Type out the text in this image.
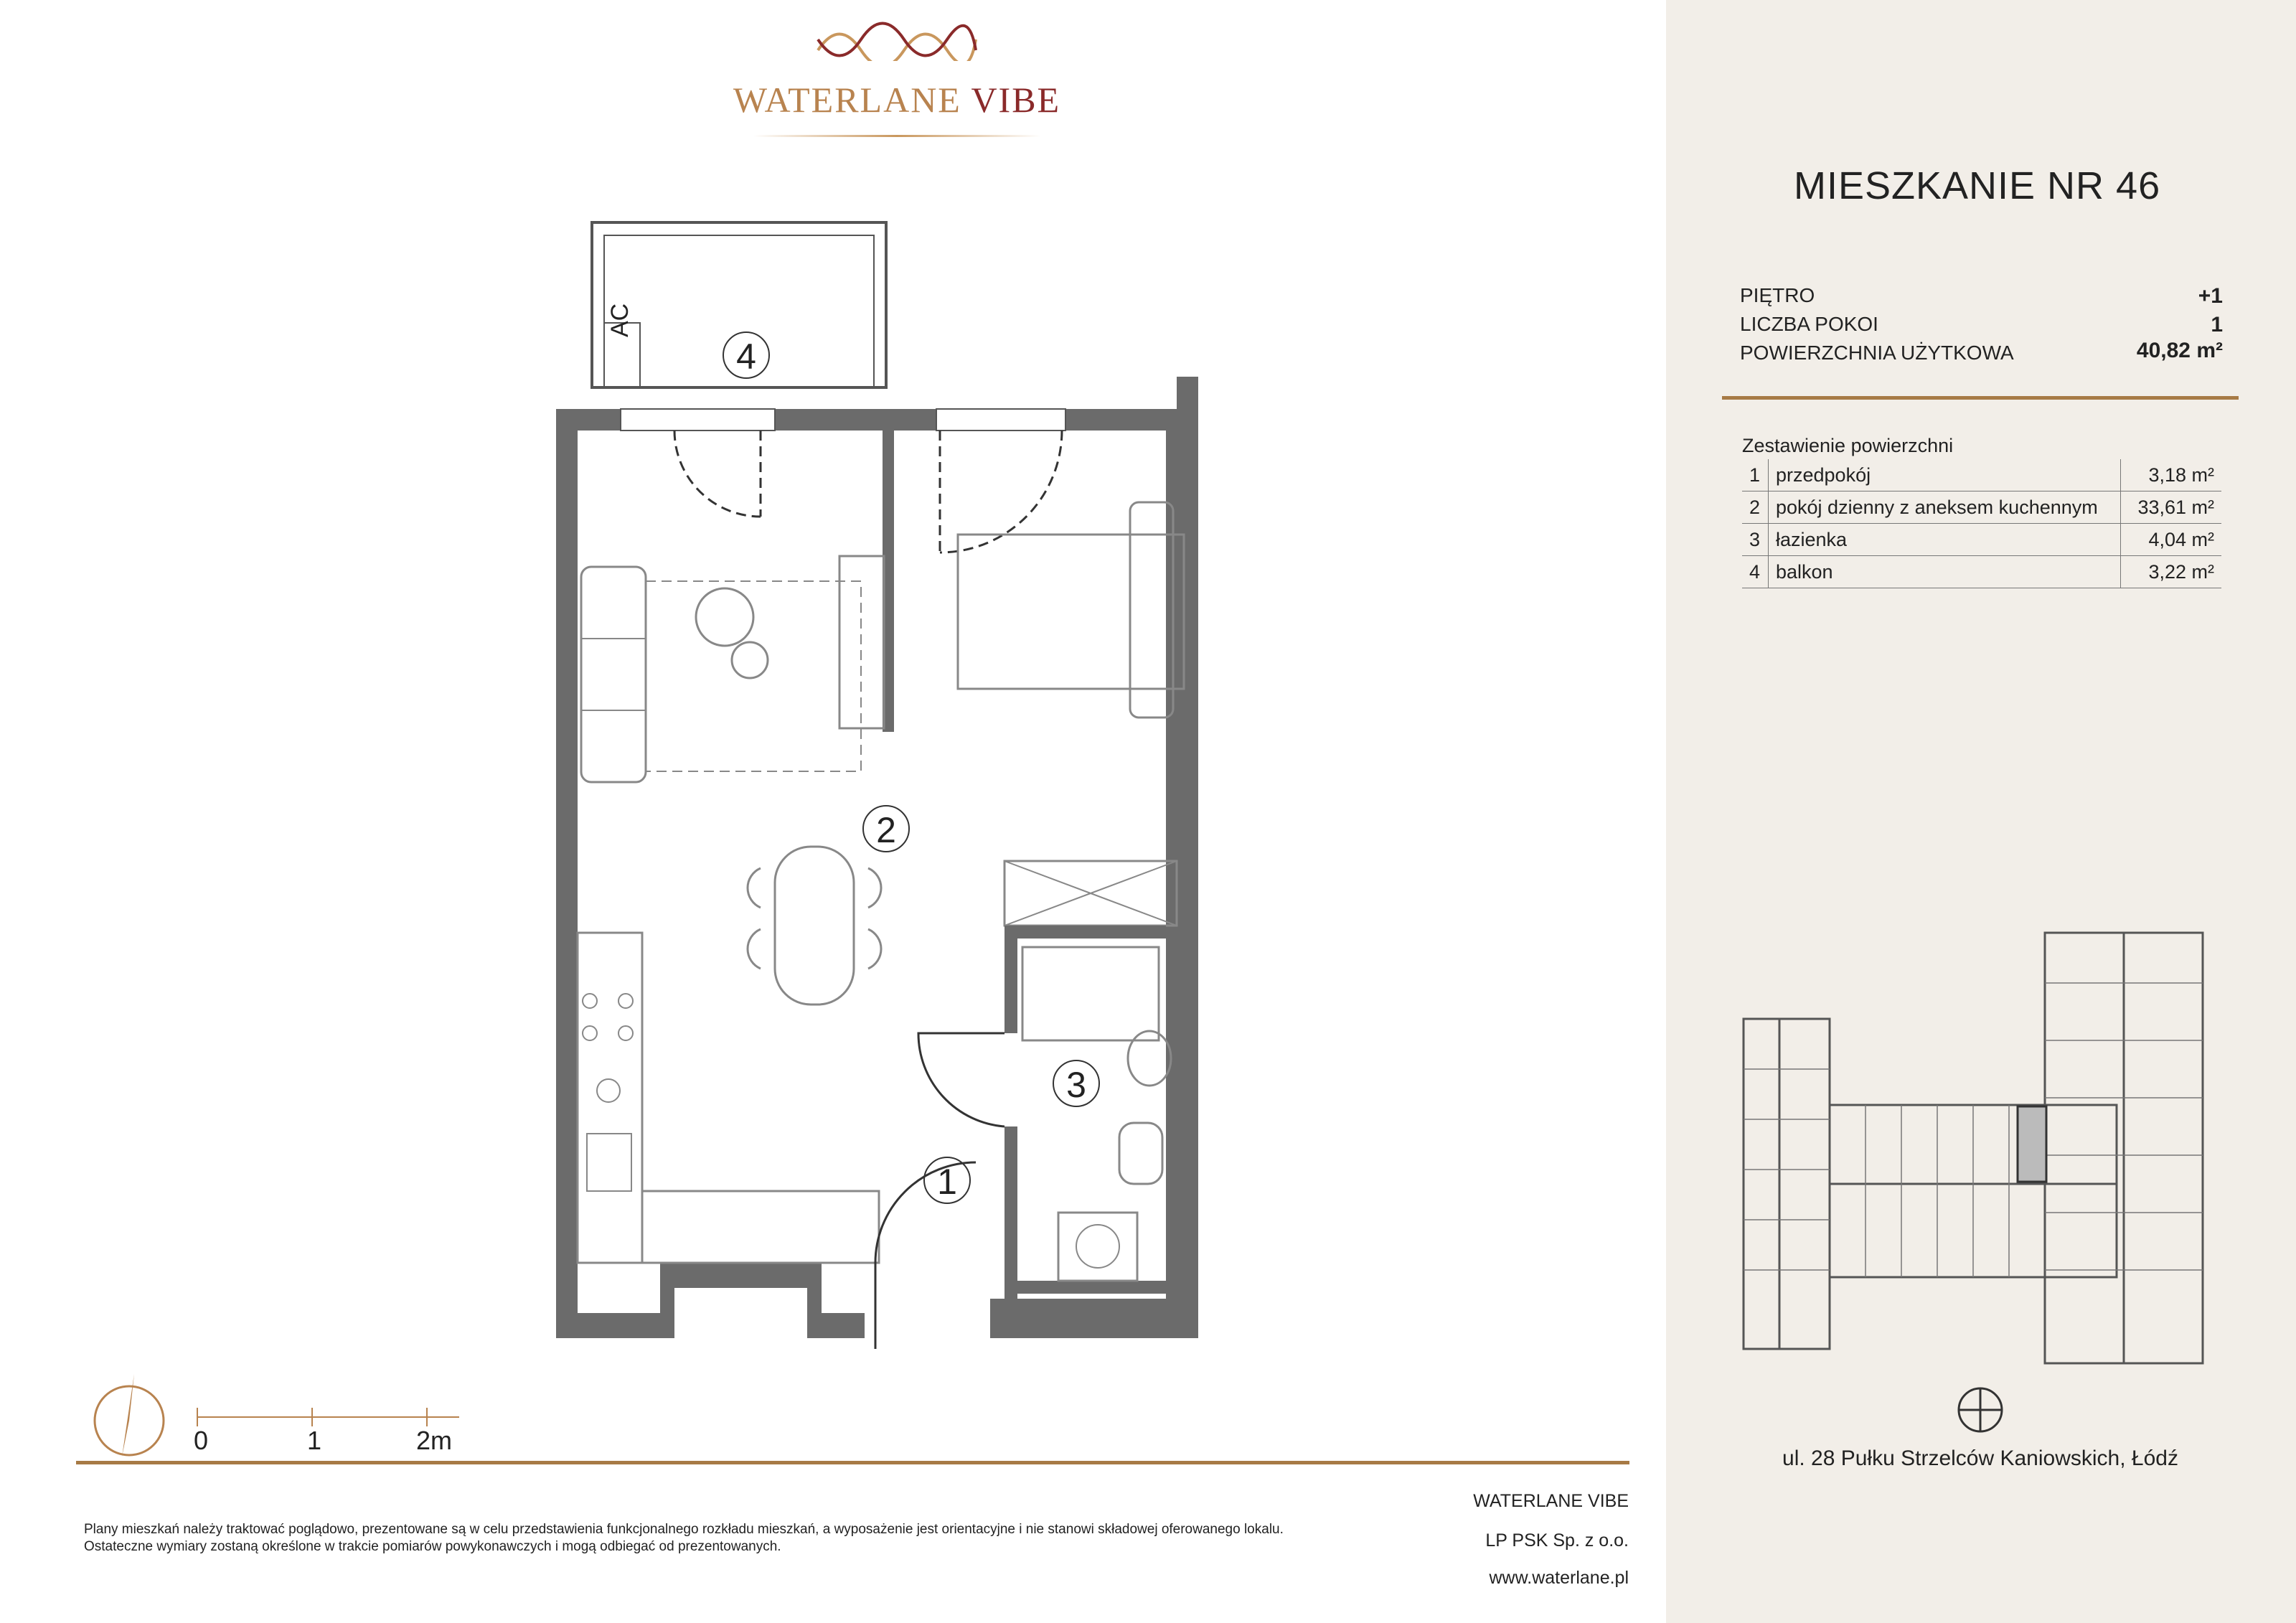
WATERLANE VIBE
4
2
3
1
AC
0	1	2m
Plany mieszkań należy traktować poglądowo, prezentowane są w celu przedstawienia funkcjonalnego rozkładu mieszkań, a wyposażenie jest orientacyjne i nie stanowi składowej oferowanego lokalu.
Ostateczne wymiary zostaną określone w trakcie pomiarów powykonawczych i mogą odbiegać od prezentowanych.
WATERLANE VIBE
LP PSK Sp. z o.o.
www.waterlane.pl
MIESZKANIE NR 46
PIĘTRO	+1
LICZBA POKOI	1
POWIERZCHNIA UŻYTKOWA	40,82 m²
Zestawienie powierzchni
1	przedpokój	3,18 m²
2	pokój dzienny z aneksem kuchennym	33,61 m²
3	łazienka	4,04 m²
4	balkon	3,22 m²
ul. 28 Pułku Strzelców Kaniowskich, Łódź
